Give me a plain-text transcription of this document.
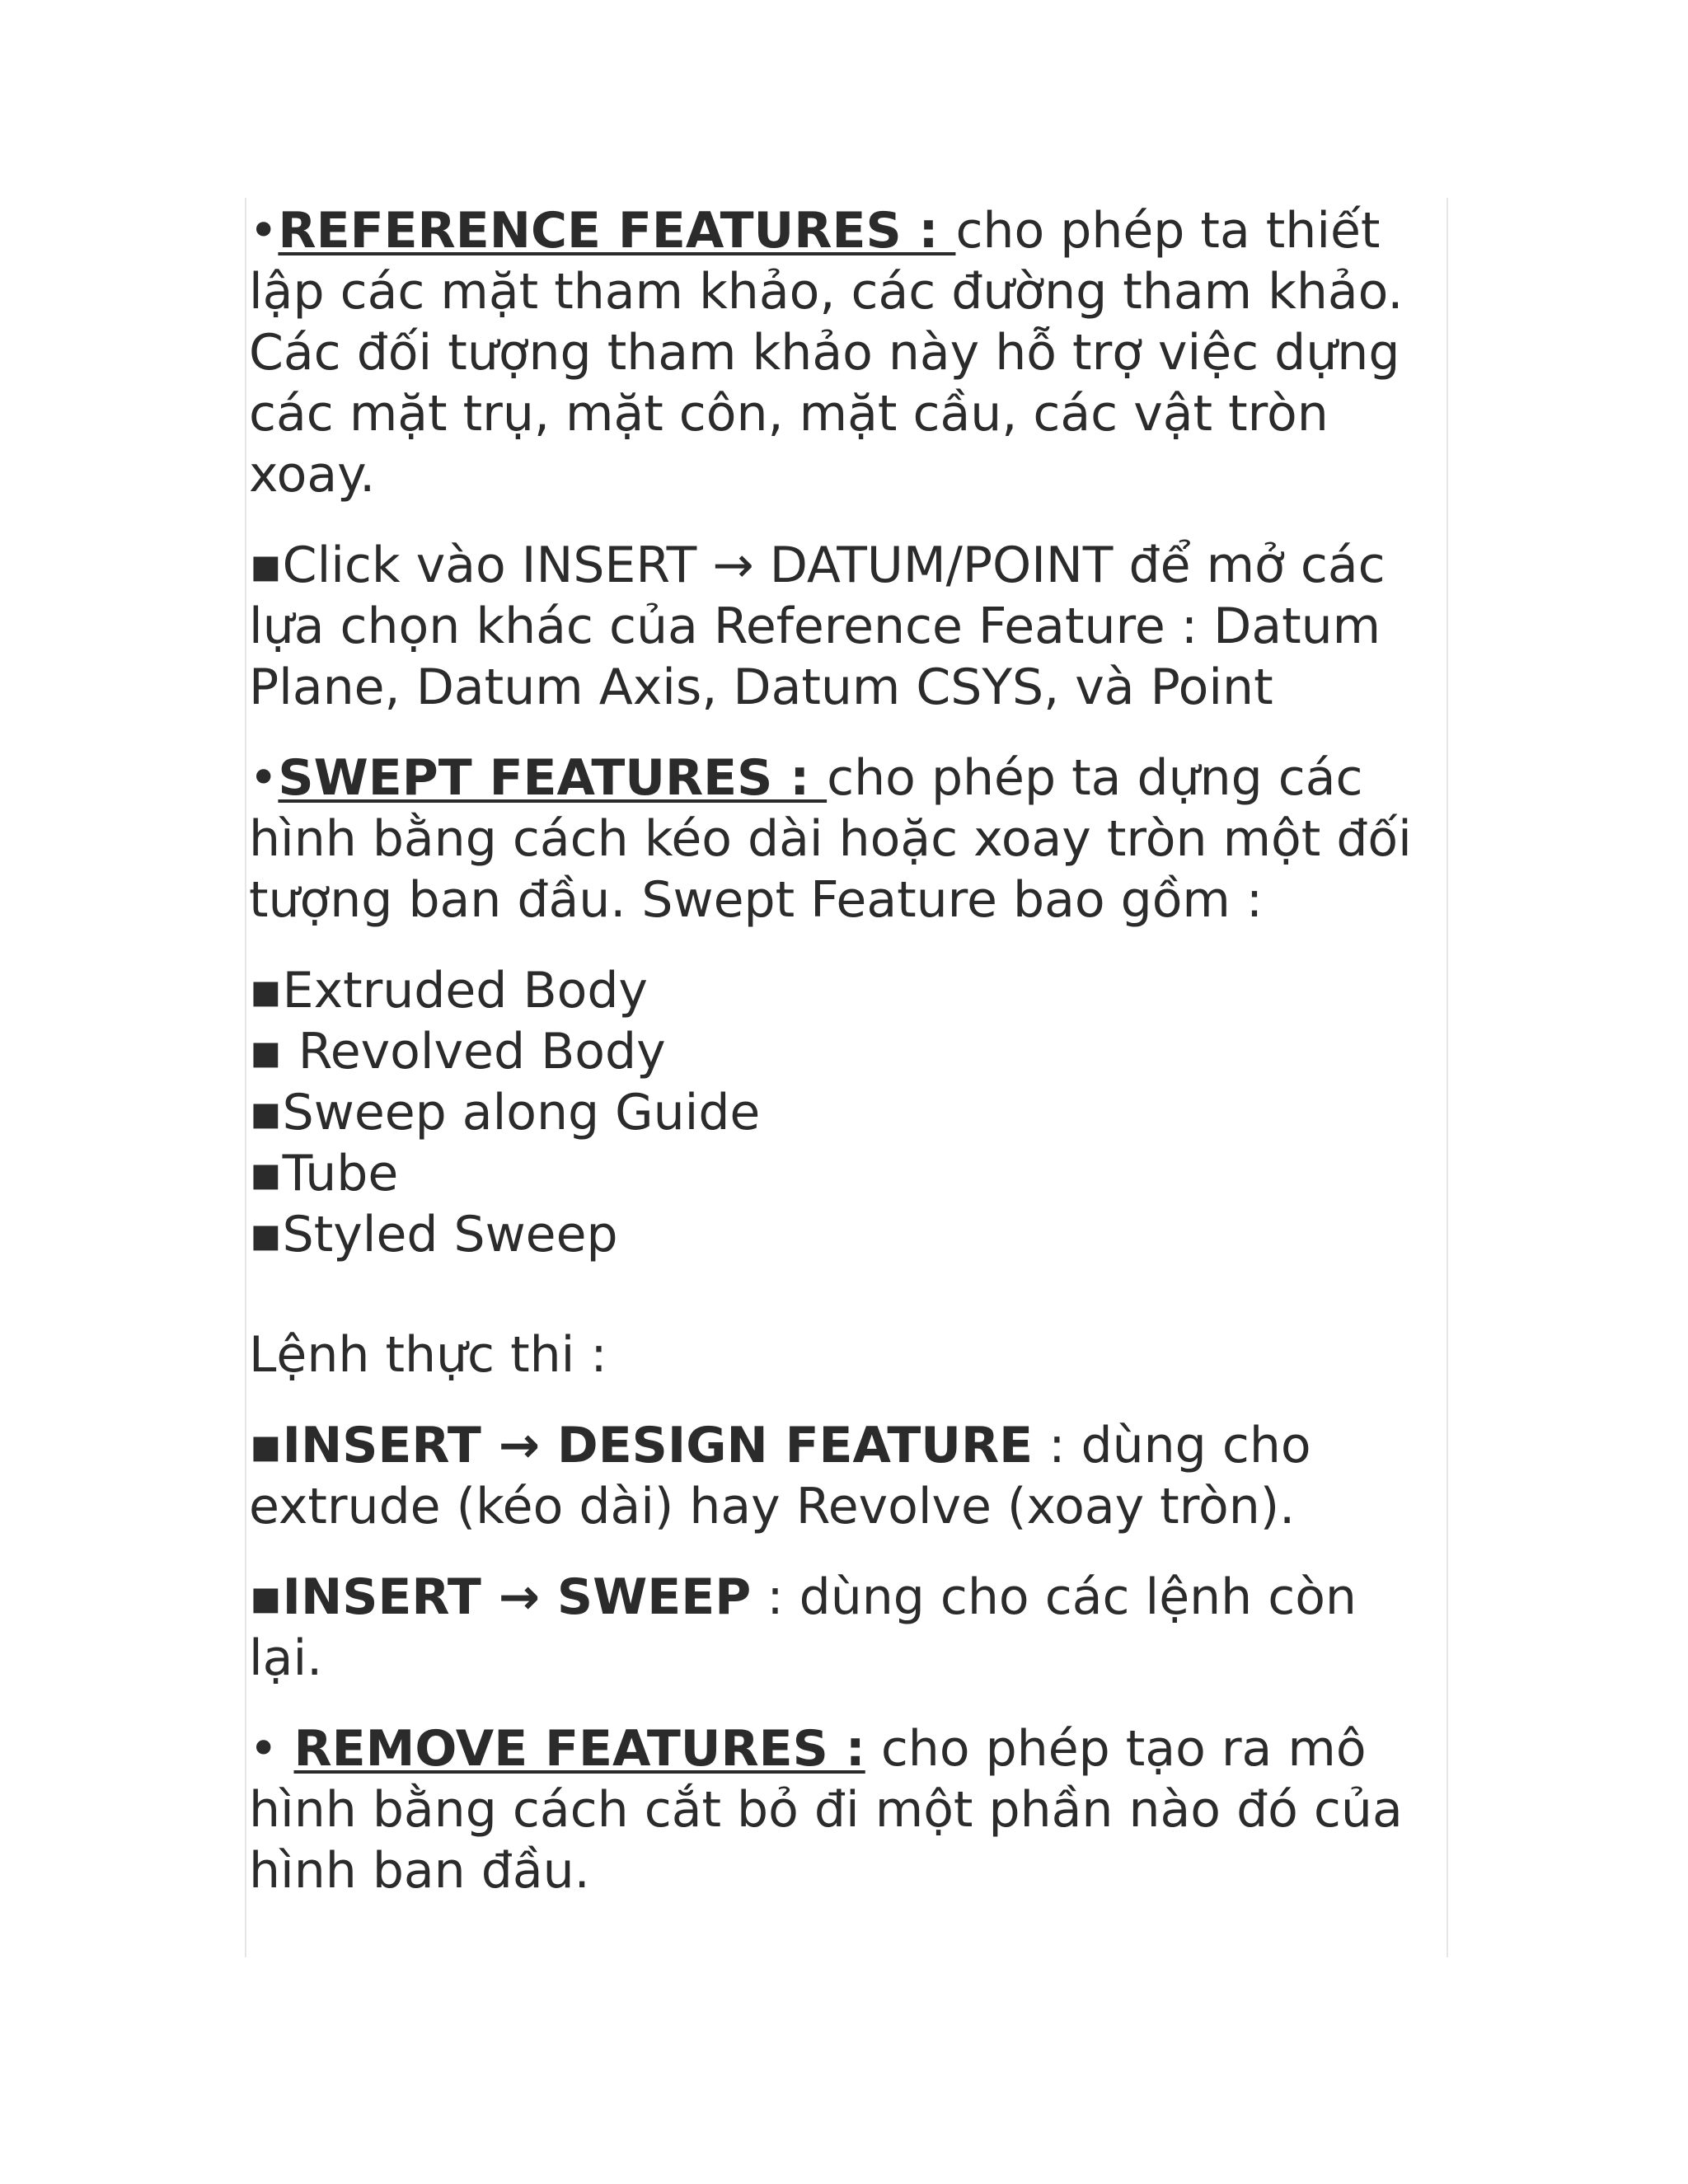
•REFERENCE FEATURES : cho phép ta thiết lập các mặt tham khảo, các đường tham khảo. Các đối tượng tham khảo này hỗ trợ việc dựng các mặt trụ, mặt côn, mặt cầu, các vật tròn xoay.

▪Click vào INSERT → DATUM/POINT để mở các lựa chọn khác của Reference Feature : Datum Plane, Datum Axis, Datum CSYS, và Point

•SWEPT FEATURES : cho phép ta dựng các hình bằng cách kéo dài hoặc xoay tròn một đối tượng ban đầu. Swept Feature bao gồm :

▪Extruded Body
▪ Revolved Body
▪Sweep along Guide
▪Tube
▪Styled Sweep

Lệnh thực thi :

▪INSERT → DESIGN FEATURE : dùng cho extrude (kéo dài) hay Revolve (xoay tròn).

▪INSERT → SWEEP : dùng cho các lệnh còn lại.

• REMOVE FEATURES : cho phép tạo ra mô hình bằng cách cắt bỏ đi một phần nào đó của hình ban đầu.
